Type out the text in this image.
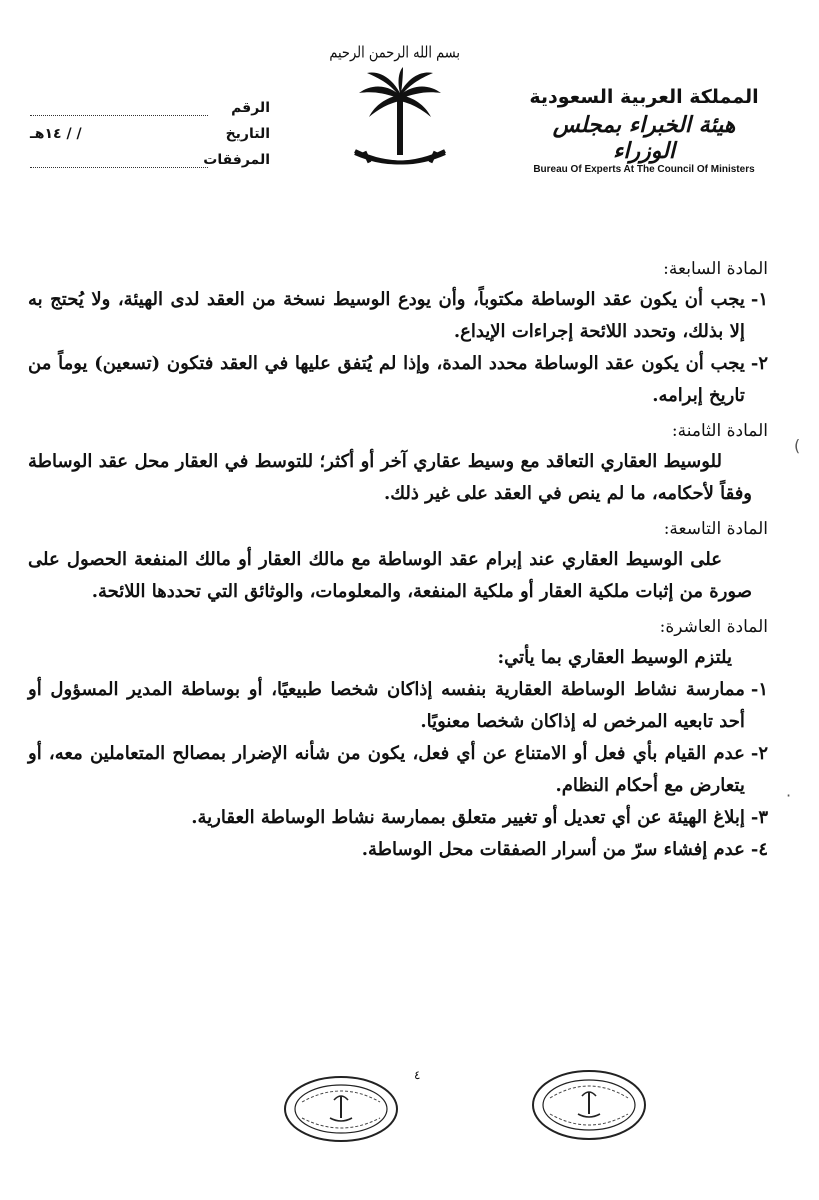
الرقم
التاريخ
/ / ١٤هـ
المرفقات
بسم الله الرحمن الرحيم
المملكة العربية السعودية
هيئة الخبراء بمجلس الوزراء
Bureau Of Experts At The Council Of Ministers
المادة السابعة:
١-
يجب أن يكون عقد الوساطة مكتوباً، وأن يودع الوسيط نسخة من العقد لدى الهيئة، ولا يُحتج به إلا بذلك، وتحدد اللائحة إجراءات الإيداع.
٢-
يجب أن يكون عقد الوساطة محدد المدة، وإذا لم يُتفق عليها في العقد فتكون (تسعين) يوماً من تاريخ إبرامه.
المادة الثامنة:
للوسيط العقاري التعاقد مع وسيط عقاري آخر أو أكثر؛ للتوسط في العقار محل عقد الوساطة وفقاً لأحكامه، ما لم ينص في العقد على غير ذلك.
المادة التاسعة:
على الوسيط العقاري عند إبرام عقد الوساطة مع مالك العقار أو مالك المنفعة الحصول على صورة من إثبات ملكية العقار أو ملكية المنفعة، والمعلومات، والوثائق التي تحددها اللائحة.
المادة العاشرة:
يلتزم الوسيط العقاري بما يأتي:
١-
ممارسة نشاط الوساطة العقارية بنفسه إذاكان شخصا طبيعيًا، أو بوساطة المدير المسؤول أو أحد تابعيه المرخص له إذاكان شخصا معنويًا.
٢-
عدم القيام بأي فعل أو الامتناع عن أي فعل، يكون من شأنه الإضرار بمصالح المتعاملين معه، أو يتعارض مع أحكام النظام.
٣-
إبلاغ الهيئة عن أي تعديل أو تغيير متعلق بممارسة نشاط الوساطة العقارية.
٤-
عدم إفشاء سرّ من أسرار الصفقات محل الوساطة.
(
·
٤
